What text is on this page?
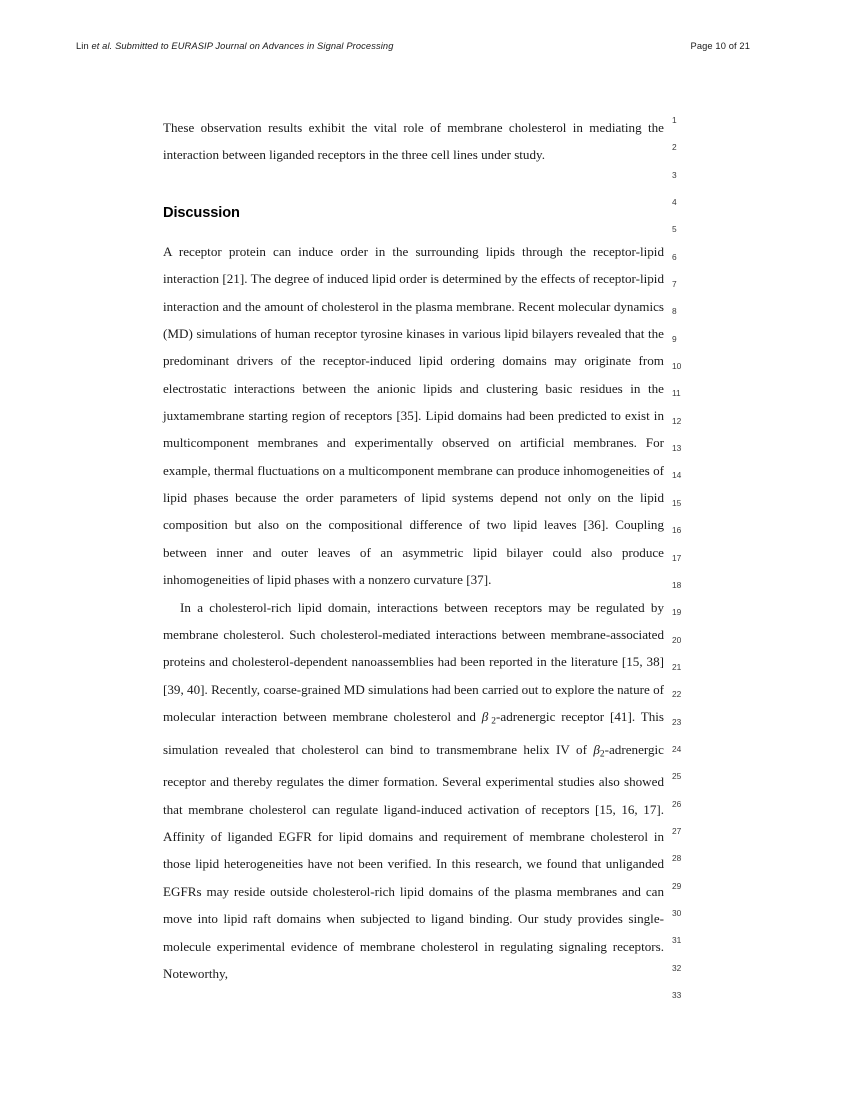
Lin et al. Submitted to EURASIP Journal on Advances in Signal Processing	Page 10 of 21

These observation results exhibit the vital role of membrane cholesterol in mediating the interaction between liganded receptors in the three cell lines under study.

Discussion

A receptor protein can induce order in the surrounding lipids through the receptor-lipid interaction [21]. The degree of induced lipid order is determined by the effects of receptor-lipid interaction and the amount of cholesterol in the plasma membrane. Recent molecular dynamics (MD) simulations of human receptor tyrosine kinases in various lipid bilayers revealed that the predominant drivers of the receptor-induced lipid ordering domains may originate from electrostatic interactions between the anionic lipids and clustering basic residues in the juxtamembrane starting region of receptors [35]. Lipid domains had been predicted to exist in multicomponent membranes and experimentally observed on artificial membranes. For example, thermal fluctuations on a multicomponent membrane can produce inhomogeneities of lipid phases because the order parameters of lipid systems depend not only on the lipid composition but also on the compositional difference of two lipid leaves [36]. Coupling between inner and outer leaves of an asymmetric lipid bilayer could also produce inhomogeneities of lipid phases with a nonzero curvature [37].

In a cholesterol-rich lipid domain, interactions between receptors may be regulated by membrane cholesterol. Such cholesterol-mediated interactions between membrane-associated proteins and cholesterol-dependent nanoassemblies had been reported in the literature [15, 38] [39, 40]. Recently, coarse-grained MD simulations had been carried out to explore the nature of molecular interaction between membrane cholesterol and β 2-adrenergic receptor [41]. This simulation revealed that cholesterol can bind to transmembrane helix IV of β2-adrenergic receptor and thereby regulates the dimer formation. Several experimental studies also showed that membrane cholesterol can regulate ligand-induced activation of receptors [15, 16, 17]. Affinity of liganded EGFR for lipid domains and requirement of membrane cholesterol in those lipid heterogeneities have not been verified. In this research, we found that unliganded EGFRs may reside outside cholesterol-rich lipid domains of the plasma membranes and can move into lipid raft domains when subjected to ligand binding. Our study provides single-molecule experimental evidence of membrane cholesterol in regulating signaling receptors. Noteworthy,

1
2
3
4
5
6
7
8
9
10
11
12
13
14
15
16
17
18
19
20
21
22
23
24
25
26
27
28
29
30
31
32
33
